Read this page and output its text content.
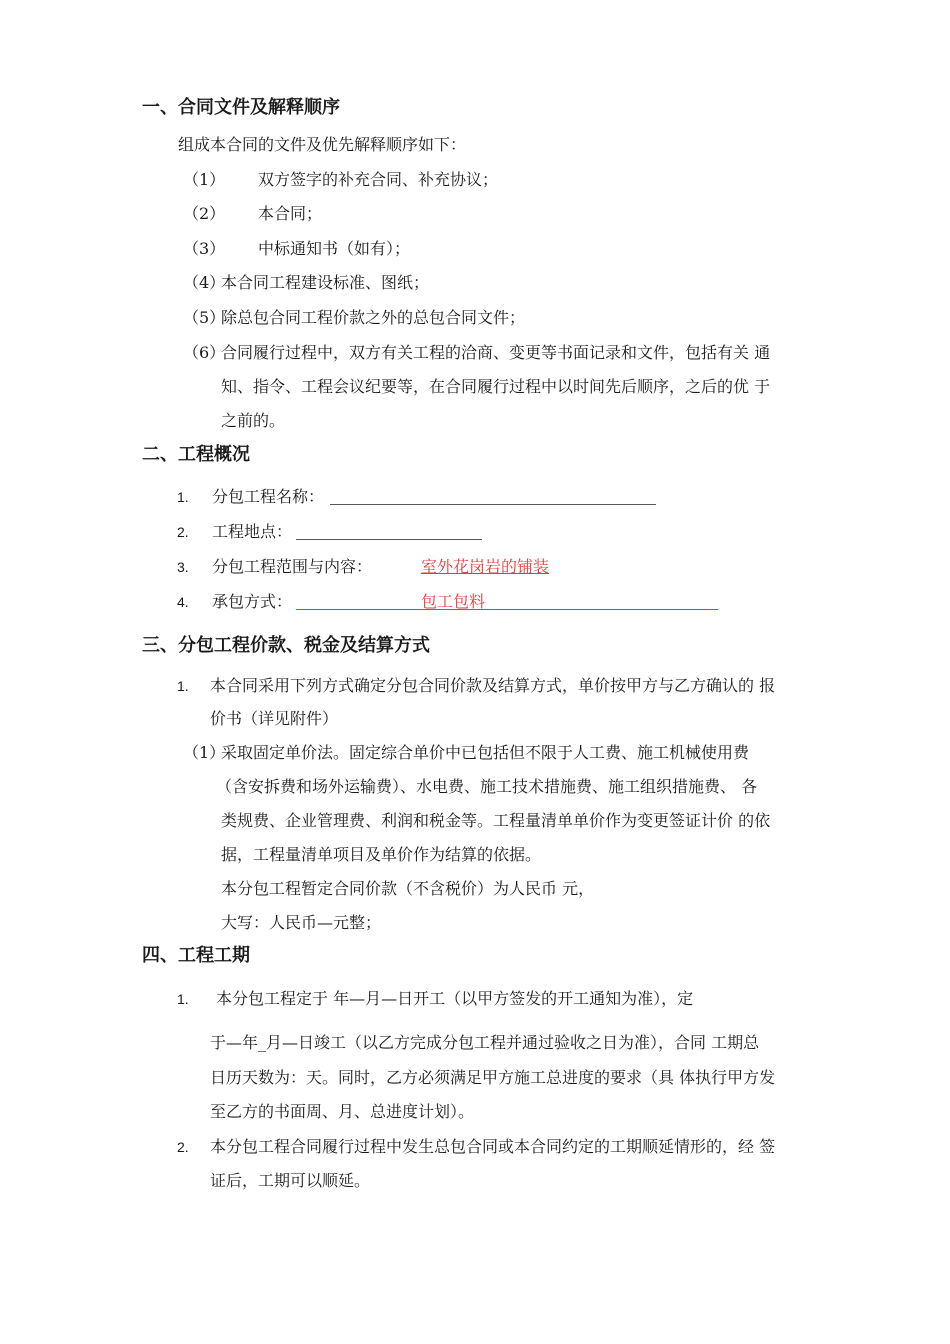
一、合同文件及解释顺序
组成本合同的文件及优先解释顺序如下：
（1） 双方签字的补充合同、补充协议；
（2） 本合同；
（3） 中标通知书（如有）；
（4）
本合同工程建设标准、图纸；
（5）
除总包合同工程价款之外的总包合同文件；
（6）
合同履行过程中，双方有关工程的洽商、变更等书面记录和文件，包括有关 通
知、指令、工程会议纪要等，在合同履行过程中以时间先后顺序，之后的优 于
之前的。
二、工程概况
1. 分包工程名称：
2. 工程地点：
3. 分包工程范围与内容：	室外花岗岩的铺装
4. 承包方式：	包工包料
三、分包工程价款、税金及结算方式
1. 本合同采用下列方式确定分包合同价款及结算方式，单价按甲方与乙方确认的 报
价书（详见附件）
（1）
采取固定单价法。固定综合单价中已包括但不限于人工费、施工机械使用费
（含安拆费和场外运输费）、水电费、施工技术措施费、施工组织措施费、 各
类规费、企业管理费、利润和税金等。工程量清单单价作为变更签证计价 的依
据，工程量清单项目及单价作为结算的依据。
本分包工程暂定合同价款（不含税价）为人民币 元，
大写：人民币—元整；
四、工程工期
1. 本分包工程定于 年—月—日开工（以甲方签发的开工通知为准），定
于—年_月—日竣工（以乙方完成分包工程并通过验收之日为准），合同 工期总
日历天数为：天。同时，乙方必须满足甲方施工总进度的要求（具 体执行甲方发
至乙方的书面周、月、总进度计划）。
2. 本分包工程合同履行过程中发生总包合同或本合同约定的工期顺延情形的，经 签
证后，工期可以顺延。
